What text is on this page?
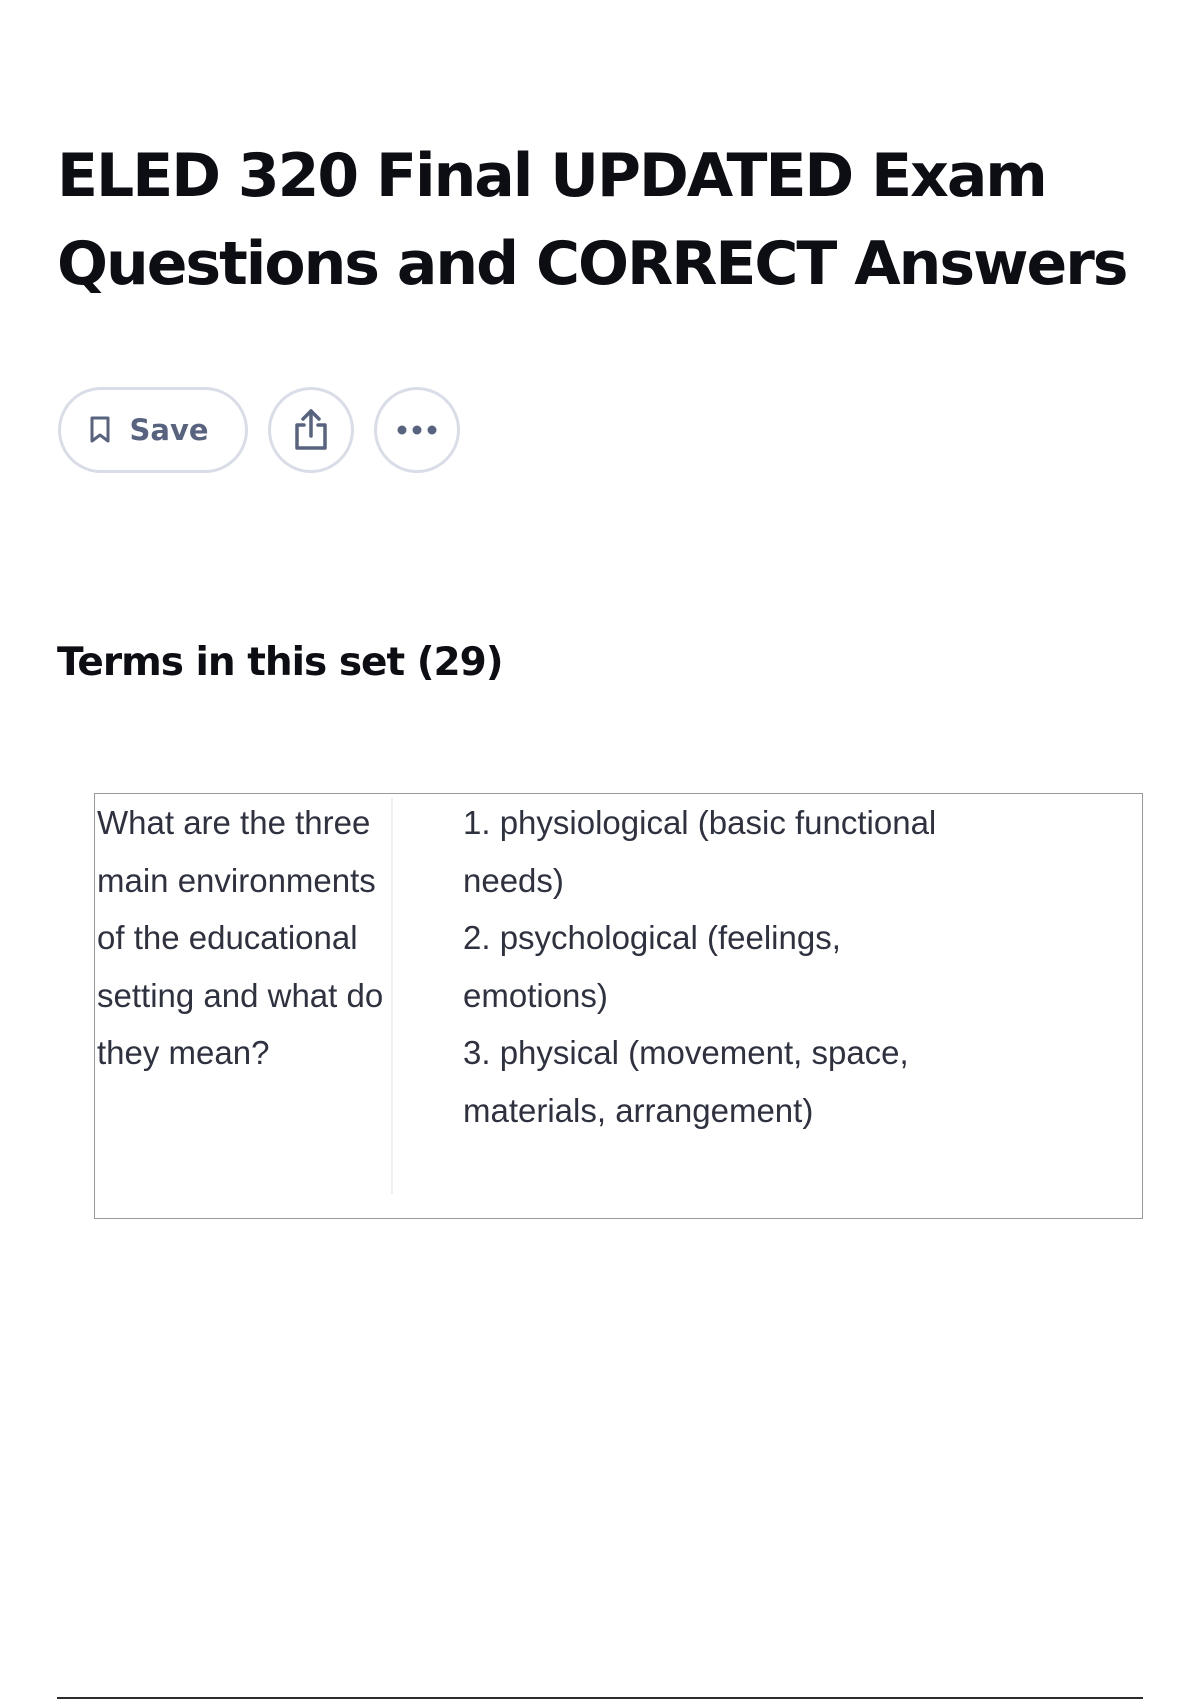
ELED 320 Final UPDATED Exam Questions and CORRECT Answers
Save
Terms in this set (29)
What are the three main environments of the educational setting and what do they mean?
1. physiological (basic functional
needs)
2. psychological (feelings,
emotions)
3. physical (movement, space,
materials, arrangement)
